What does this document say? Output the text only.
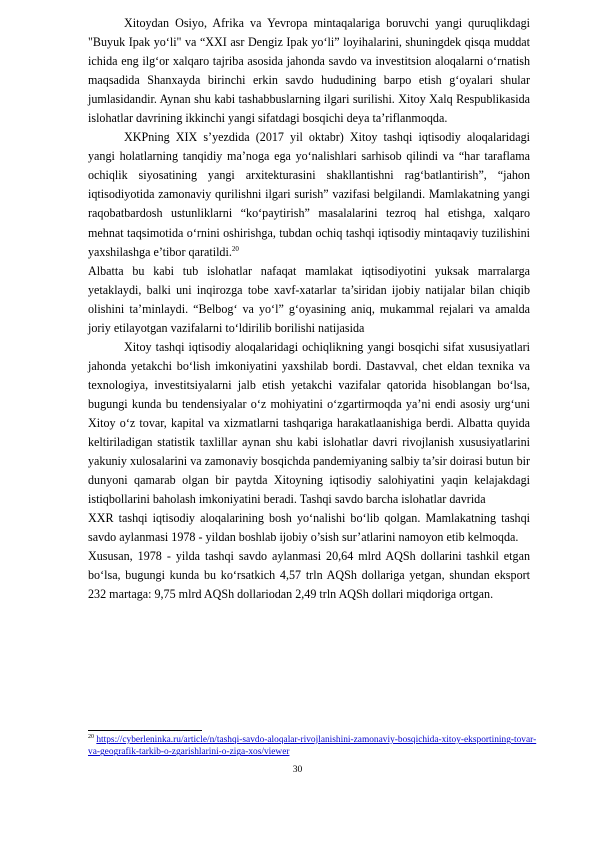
Xitoydan Osiyo, Afrika va Yevropa mintaqalariga boruvchi yangi quruqlikdagi "Buyuk Ipak yo‘li" va “XXI asr Dengiz Ipak yo‘li” loyihalarini, shuningdek qisqa muddat ichida eng ilg‘or xalqaro tajriba asosida jahonda savdo va investitsion aloqalarni o‘rnatish maqsadida Shanxayda birinchi erkin savdo hududining barpo etish g‘oyalari shular jumlasidandir. Aynan shu kabi tashabbuslarning ilgari surilishi. Xitoy Xalq Respublikasida islohatlar davrining ikkinchi yangi sifatdagi bosqichi deya ta’riflanmoqda.

XKPning XIX s’yezdida (2017 yil oktabr) Xitoy tashqi iqtisodiy aloqalaridagi yangi holatlarning tanqidiy ma’noga ega yo‘nalishlari sarhisob qilindi va “har taraflama ochiqlik siyosatining yangi arxitekturasini shakllantishni rag‘batlantirish”, “jahon iqtisodiyotida zamonaviy qurilishni ilgari surish” vazifasi belgilandi. Mamlakatning yangi raqobatbardosh ustunliklarni “ko‘paytirish” masalalarini tezroq hal etishga, xalqaro mehnat taqsimotida o‘rnini oshirishga, tubdan ochiq tashqi iqtisodiy mintaqaviy tuzilishini yaxshilashga e’tibor qaratildi.$^{20}$

Albatta bu kabi tub islohatlar nafaqat mamlakat iqtisodiyotini yuksak marralarga yetaklaydi, balki uni inqirozga tobe xavf-xatarlar ta’siridan ijobiy natijalar bilan chiqib olishini ta’minlaydi. “Belbog‘ va yo‘l” g‘oyasining aniq, mukammal rejalari va amalda joriy etilayotgan vazifalarni to‘ldirilib borilishi natijasida

Xitoy tashqi iqtisodiy aloqalaridagi ochiqlikning yangi bosqichi sifat xususiyatlari jahonda yetakchi bo‘lish imkoniyatini yaxshilab bordi. Dastavval, chet eldan texnika va texnologiya, investitsiyalarni jalb etish yetakchi vazifalar qatorida hisoblangan bo‘lsa, bugungi kunda bu tendensiyalar o‘z mohiyatini o‘zgartirmoqda ya’ni endi asosiy urg‘uni Xitoy o‘z tovar, kapital va xizmatlarni tashqariga harakatlaanishiga berdi. Albatta quyida keltiriladigan statistik taxlillar aynan shu kabi islohatlar davri rivojlanish xususiyatlarini yakuniy xulosalarini va zamonaviy bosqichda pandemiyaning salbiy ta’sir doirasi butun bir dunyoni qamarab olgan bir paytda Xitoyning iqtisodiy salohiyatini yaqin kelajakdagi istiqbollarini baholash imkoniyatini beradi. Tashqi savdo barcha islohatlar davrida

XXR tashqi iqtisodiy aloqalarining bosh yo‘nalishi bo‘lib qolgan. Mamlakatning tashqi savdo aylanmasi 1978 - yildan boshlab ijobiy o’sish sur’atlarini namoyon etib kelmoqda.

Xususan, 1978 - yilda tashqi savdo aylanmasi 20,64 mlrd AQSh dollarini tashkil etgan bo‘lsa, bugungi kunda bu ko‘rsatkich 4,57 trln AQSh dollariga yetgan, shundan eksport 232 martaga: 9,75 mlrd AQSh dollariodan 2,49 trln AQSh dollari miqdoriga ortgan.

$^{20}$ https://cyberleninka.ru/article/n/tashqi-savdo-aloqalar-rivojlanishini-zamonaviy-bosqichida-xitoy-eksportining-tovar-va-geografik-tarkib-o-zgarishlarini-o-ziga-xos/viewer

30
